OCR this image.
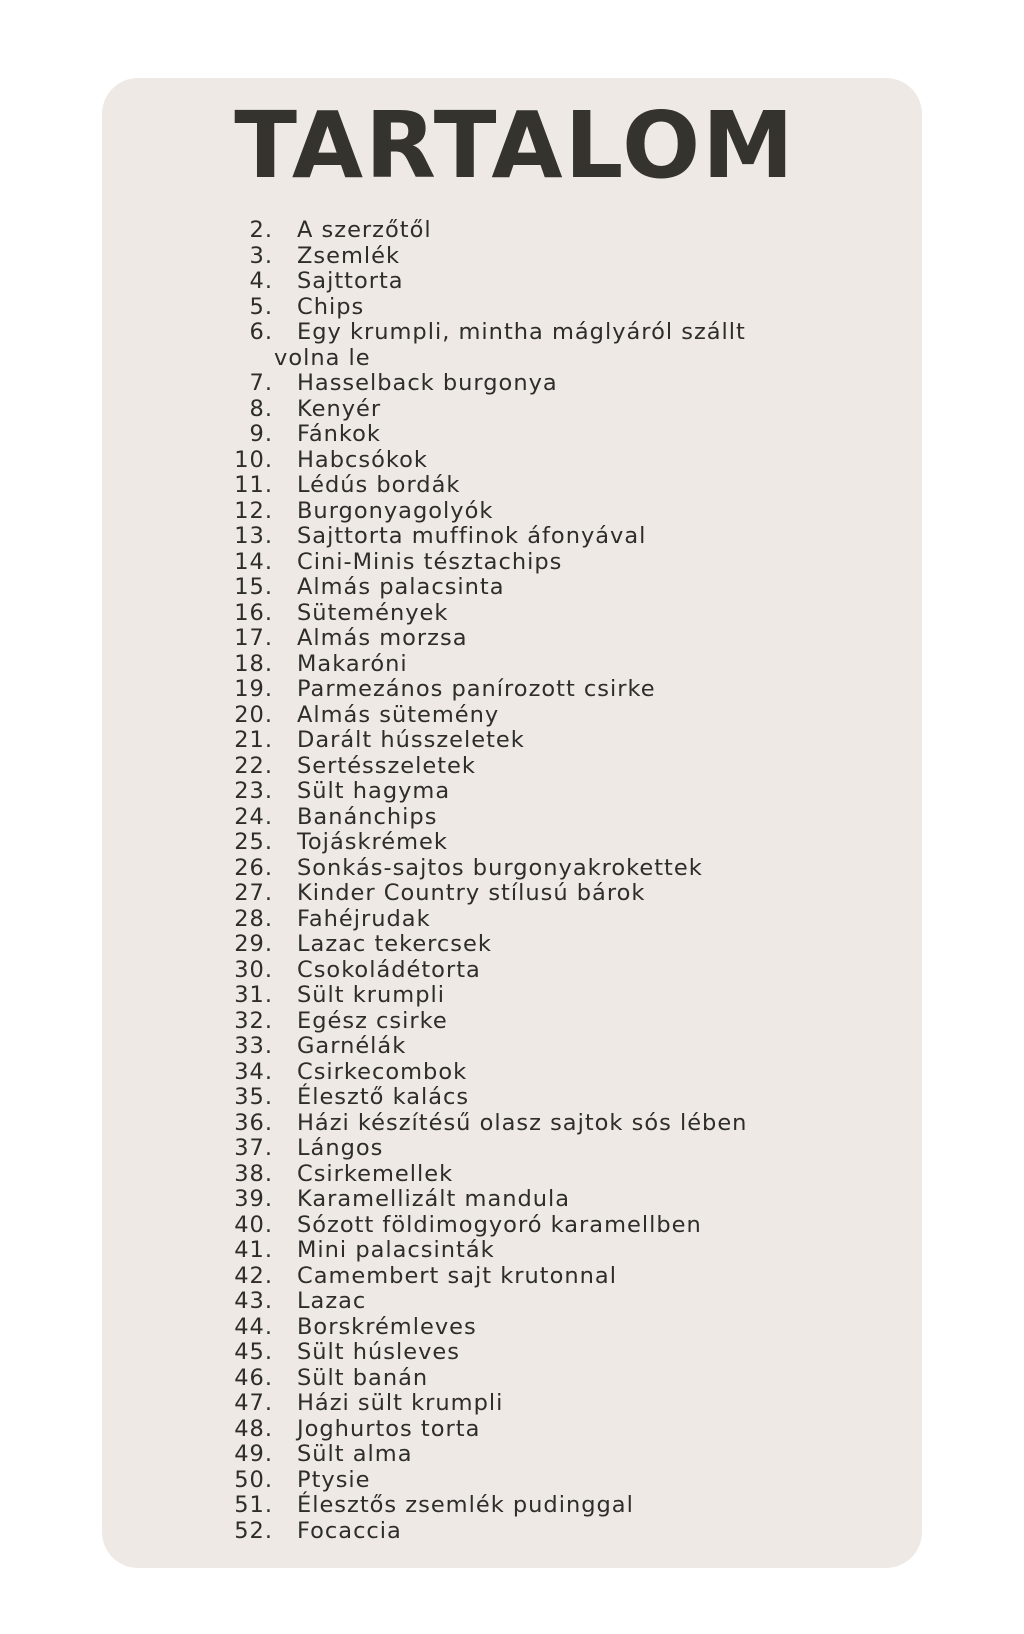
TARTALOM
2. A szerzőtől
3. Zsemlék
4. Sajttorta
5. Chips
6. Egy krumpli, mintha máglyáról szállt
volna le
7. Hasselback burgonya
8. Kenyér
9. Fánkok
10. Habcsókok
11. Lédús bordák
12. Burgonyagolyók
13. Sajttorta muffinok áfonyával
14. Cini-Minis tésztachips
15. Almás palacsinta
16. Sütemények
17. Almás morzsa
18. Makaróni
19. Parmezános panírozott csirke
20. Almás sütemény
21. Darált hússzeletek
22. Sertésszeletek
23. Sült hagyma
24. Banánchips
25. Tojáskrémek
26. Sonkás-sajtos burgonyakrokettek
27. Kinder Country stílusú bárok
28. Fahéjrudak
29. Lazac tekercsek
30. Csokoládétorta
31. Sült krumpli
32. Egész csirke
33. Garnélák
34. Csirkecombok
35. Élesztő kalács
36. Házi készítésű olasz sajtok sós lében
37. Lángos
38. Csirkemellek
39. Karamellizált mandula
40. Sózott földimogyoró karamellben
41. Mini palacsinták
42. Camembert sajt krutonnal
43. Lazac
44. Borskrémleves
45. Sült húsleves
46. Sült banán
47. Házi sült krumpli
48. Joghurtos torta
49. Sült alma
50. Ptysie
51. Élesztős zsemlék pudinggal
52. Focaccia
